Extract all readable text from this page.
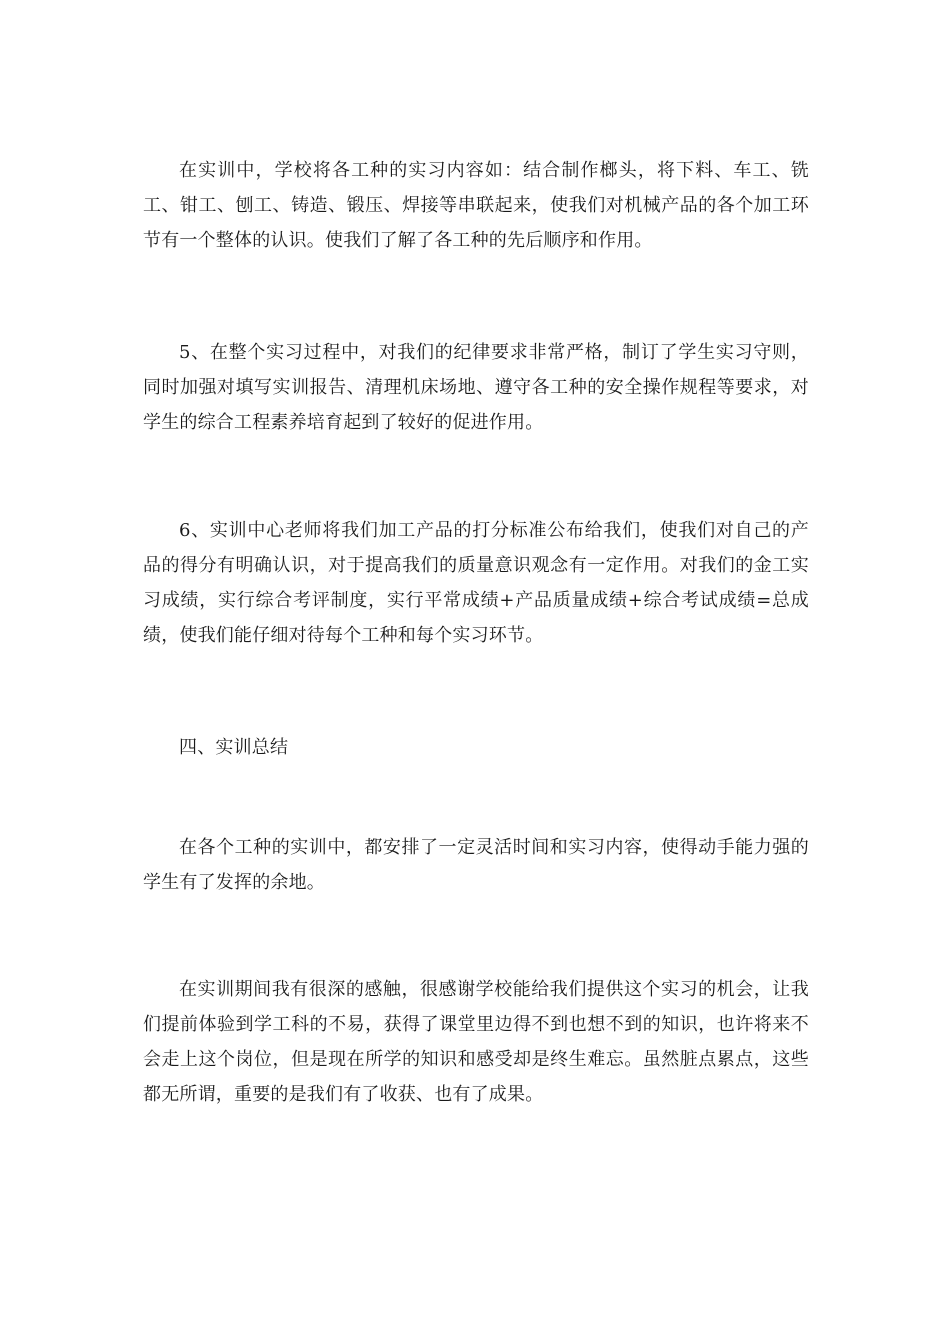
在实训中，学校将各工种的实习内容如：结合制作榔头，将下料、车工、铣工、钳工、刨工、铸造、锻压、焊接等串联起来，使我们对机械产品的各个加工环节有一个整体的认识。使我们了解了各工种的先后顺序和作用。

5、在整个实习过程中，对我们的纪律要求非常严格，制订了学生实习守则，同时加强对填写实训报告、清理机床场地、遵守各工种的安全操作规程等要求，对学生的综合工程素养培育起到了较好的促进作用。

6、实训中心老师将我们加工产品的打分标准公布给我们，使我们对自己的产品的得分有明确认识，对于提高我们的质量意识观念有一定作用。对我们的金工实习成绩，实行综合考评制度，实行平常成绩+产品质量成绩+综合考试成绩=总成绩，使我们能仔细对待每个工种和每个实习环节。

四、实训总结

在各个工种的实训中，都安排了一定灵活时间和实习内容，使得动手能力强的学生有了发挥的余地。

在实训期间我有很深的感触，很感谢学校能给我们提供这个实习的机会，让我们提前体验到学工科的不易，获得了课堂里边得不到也想不到的知识，也许将来不会走上这个岗位，但是现在所学的知识和感受却是终生难忘。虽然脏点累点，这些都无所谓，重要的是我们有了收获、也有了成果。
